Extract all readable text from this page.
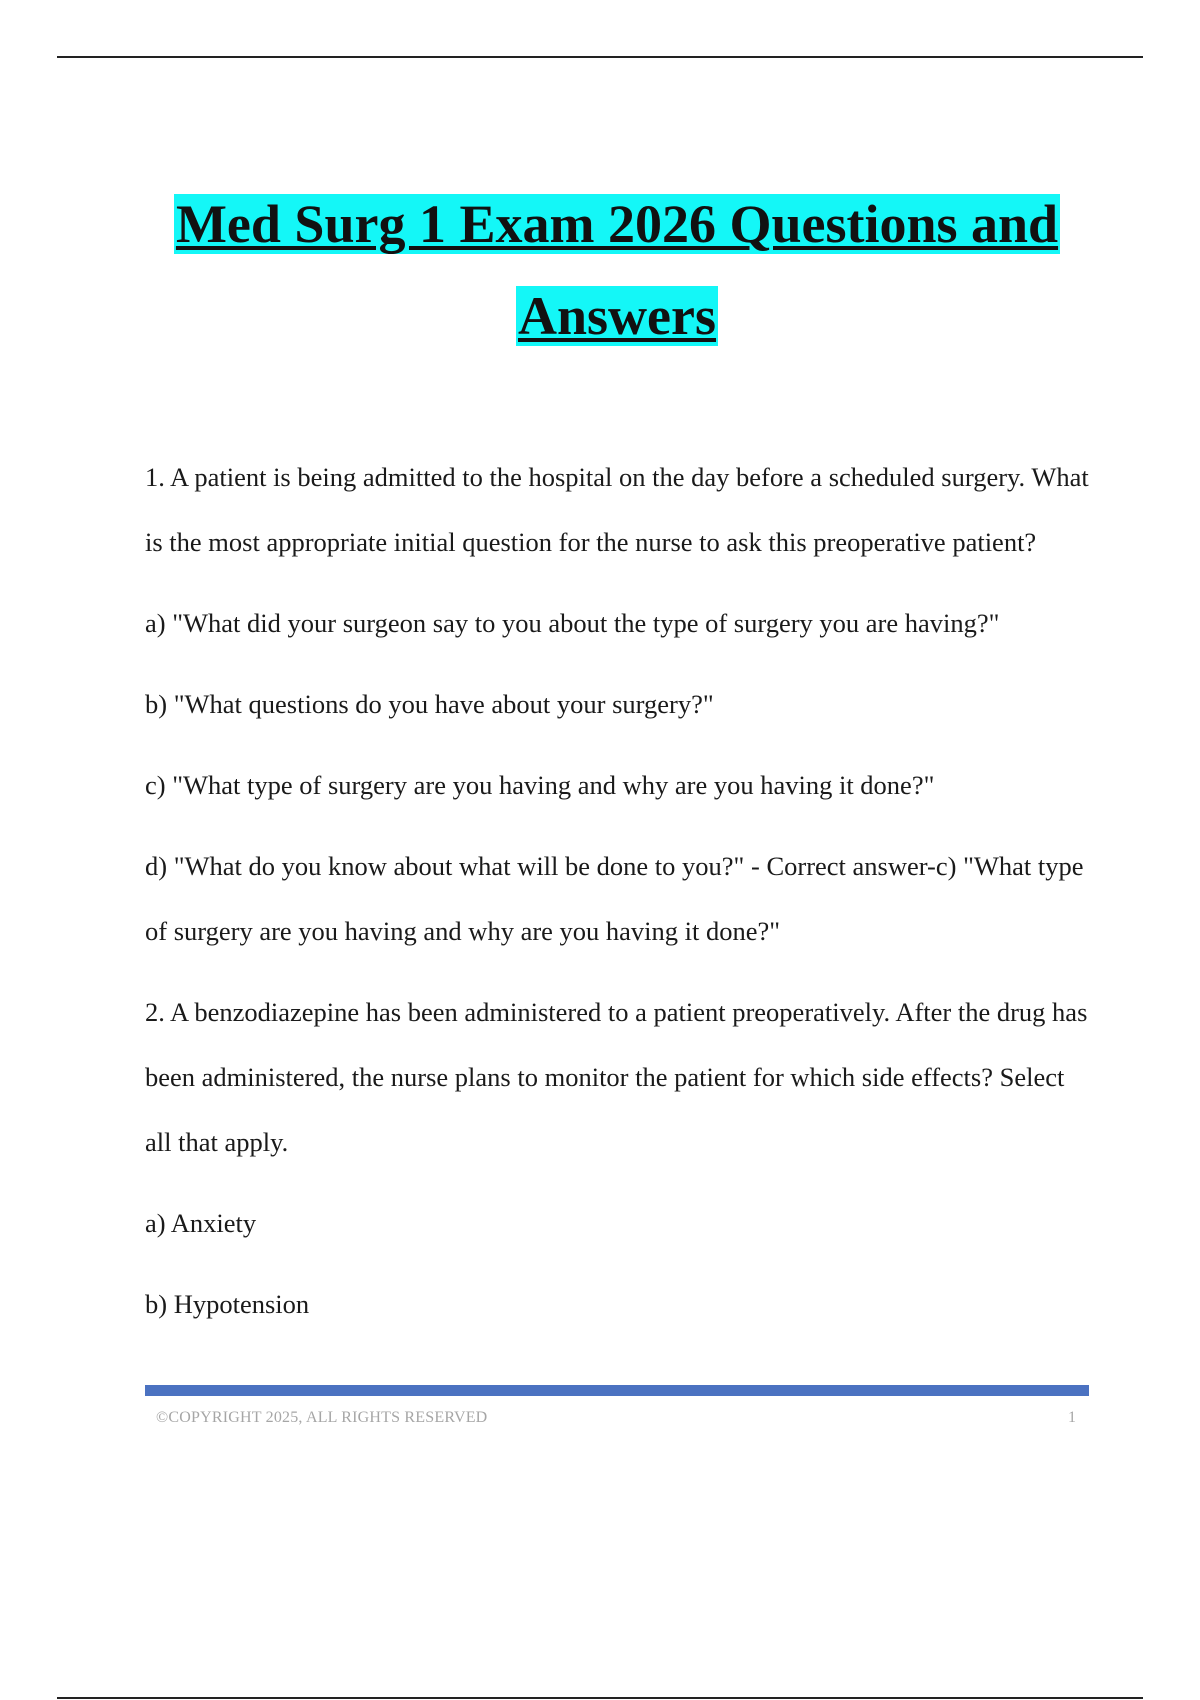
Med Surg 1 Exam 2026 Questions and
Answers

1. A patient is being admitted to the hospital on the day before a scheduled surgery. What is the most appropriate initial question for the nurse to ask this preoperative patient?

a) "What did your surgeon say to you about the type of surgery you are having?"

b) "What questions do you have about your surgery?"

c) "What type of surgery are you having and why are you having it done?"

d) "What do you know about what will be done to you?" - Correct answer-c) "What type of surgery are you having and why are you having it done?"

2. A benzodiazepine has been administered to a patient preoperatively. After the drug has been administered, the nurse plans to monitor the patient for which side effects? Select all that apply.

a) Anxiety

b) Hypotension

©COPYRIGHT 2025, ALL RIGHTS RESERVED	1
